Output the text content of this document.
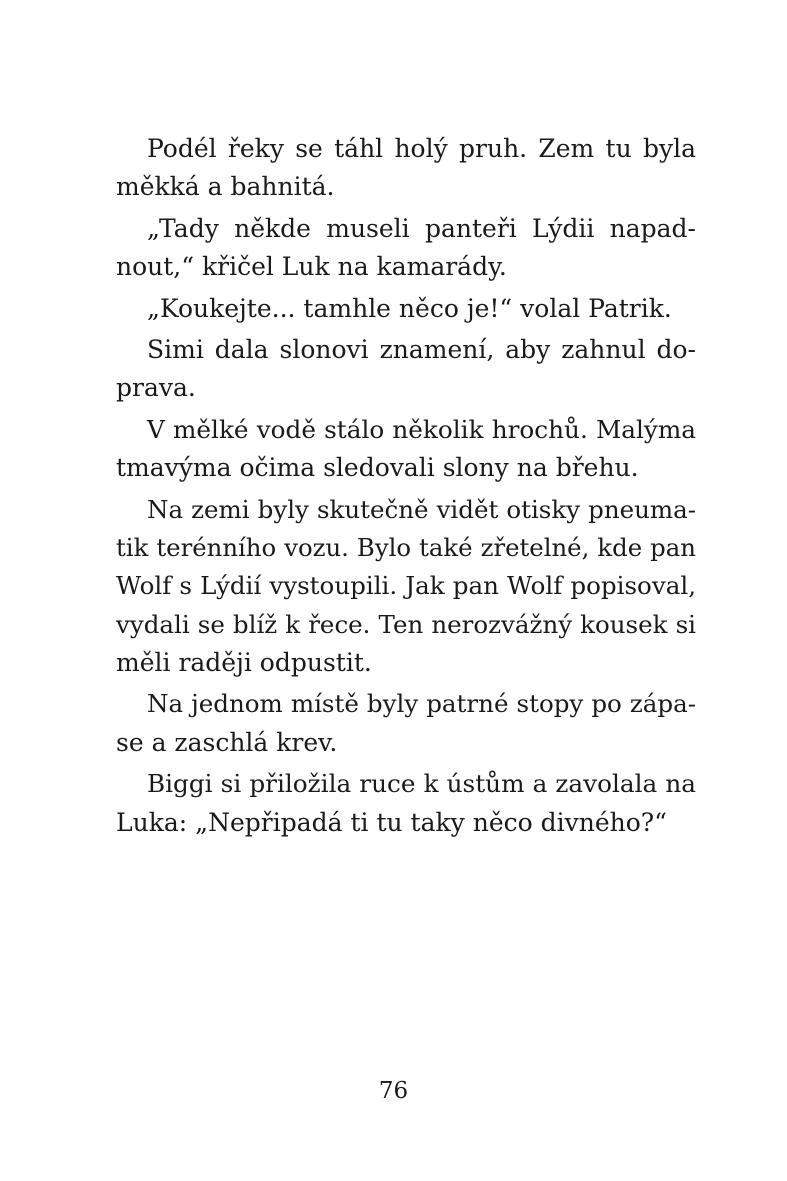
Podél řeky se táhl holý pruh. Zem tu byla
měkká a bahnitá.
„Tady někde museli panteři Lýdii napad-
nout,“ křičel Luk na kamarády.
„Koukejte... tamhle něco je!“ volal Patrik.
Simi dala slonovi znamení, aby zahnul do-
prava.
V mělké vodě stálo několik hrochů. Malýma
tmavýma očima sledovali slony na břehu.
Na zemi byly skutečně vidět otisky pneuma-
tik terénního vozu. Bylo také zřetelné, kde pan
Wolf s Lýdií vystoupili. Jak pan Wolf popisoval,
vydali se blíž k řece. Ten nerozvážný kousek si
měli raději odpustit.
Na jednom místě byly patrné stopy po zápa-
se a zaschlá krev.
Biggi si přiložila ruce k ústům a zavolala na
Luka: „Nepřipadá ti tu taky něco divného?“
76
